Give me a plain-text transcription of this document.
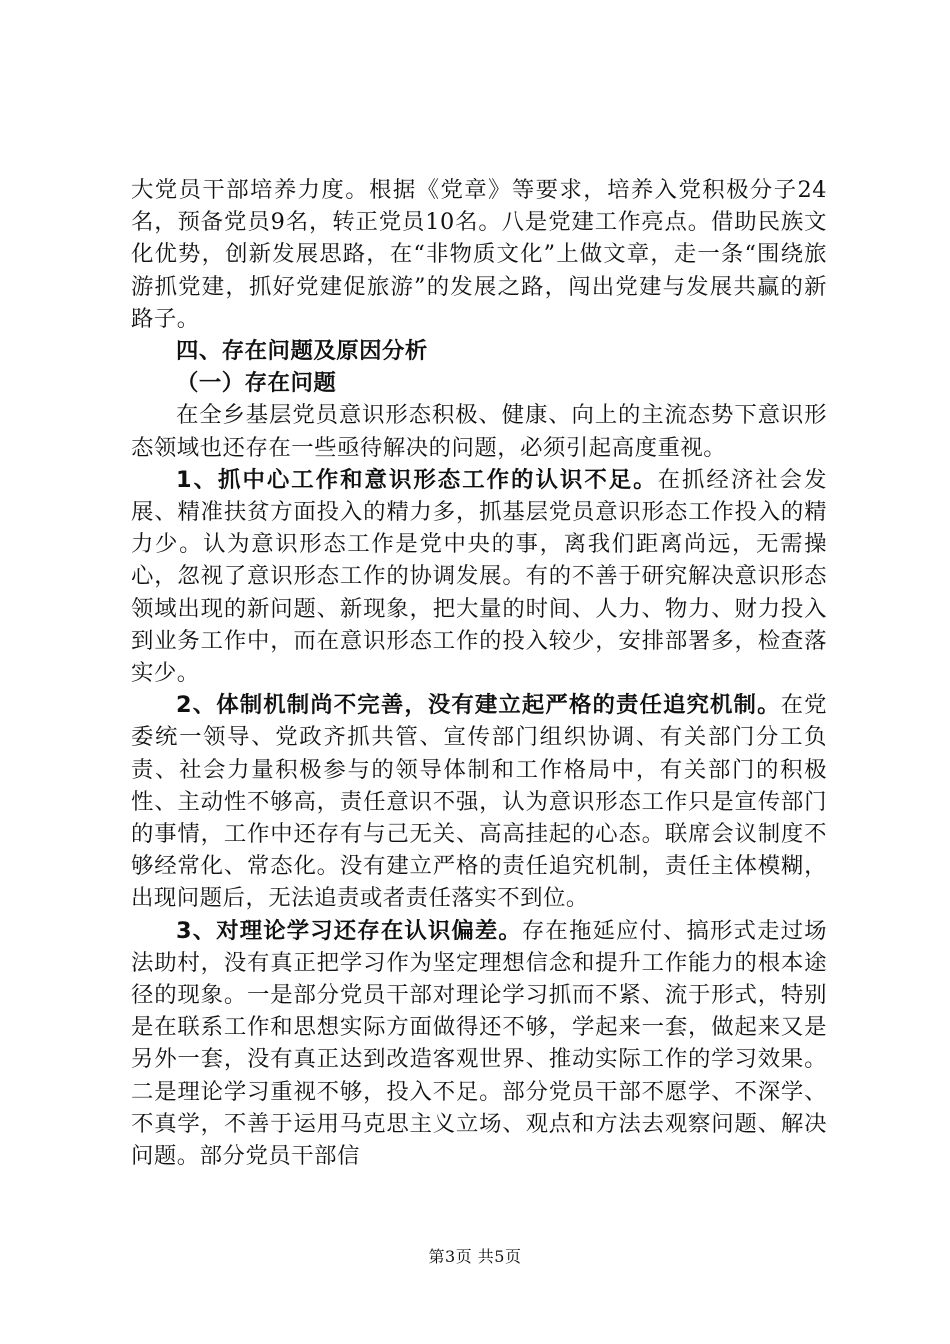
大党员干部培养力度。根据《党章》等要求，培养入党积极分子24名，预备党员9名，转正党员10名。八是党建工作亮点。借助民族文化优势，创新发展思路，在“非物质文化”上做文章，走一条“围绕旅游抓党建，抓好党建促旅游”的发展之路，闯出党建与发展共赢的新路子。

四、存在问题及原因分析

（一）存在问题

在全乡基层党员意识形态积极、健康、向上的主流态势下意识形态领域也还存在一些亟待解决的问题，必须引起高度重视。

1、抓中心工作和意识形态工作的认识不足。在抓经济社会发展、精准扶贫方面投入的精力多，抓基层党员意识形态工作投入的精力少。认为意识形态工作是党中央的事，离我们距离尚远，无需操心，忽视了意识形态工作的协调发展。有的不善于研究解决意识形态领域出现的新问题、新现象，把大量的时间、人力、物力、财力投入到业务工作中，而在意识形态工作的投入较少，安排部署多，检查落实少。

2、体制机制尚不完善，没有建立起严格的责任追究机制。在党委统一领导、党政齐抓共管、宣传部门组织协调、有关部门分工负责、社会力量积极参与的领导体制和工作格局中，有关部门的积极性、主动性不够高，责任意识不强，认为意识形态工作只是宣传部门的事情，工作中还存有与己无关、高高挂起的心态。联席会议制度不够经常化、常态化。没有建立严格的责任追究机制，责任主体模糊，出现问题后，无法追责或者责任落实不到位。

3、对理论学习还存在认识偏差。存在拖延应付、搞形式走过场法助村，没有真正把学习作为坚定理想信念和提升工作能力的根本途径的现象。一是部分党员干部对理论学习抓而不紧、流于形式，特别是在联系工作和思想实际方面做得还不够，学起来一套，做起来又是另外一套，没有真正达到改造客观世界、推动实际工作的学习效果。二是理论学习重视不够，投入不足。部分党员干部不愿学、不深学、不真学，不善于运用马克思主义立场、观点和方法去观察问题、解决问题。部分党员干部信

第3页 共5页
